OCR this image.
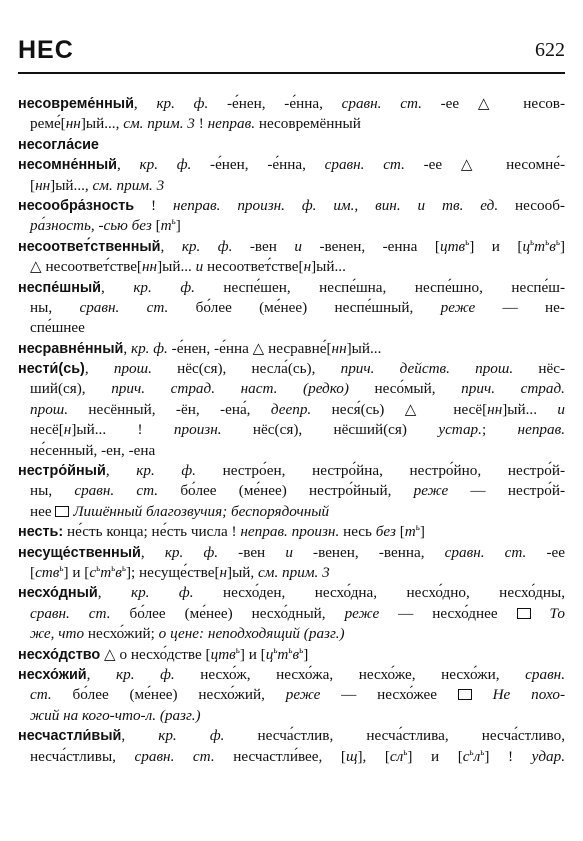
НЕС	622
несовреме́нный, кр. ф. -е́нен, -е́нна, сравн. ст. -ее △ несов-
реме́[нн]ый..., см. прим. 3 ! неправ. несовремённый
несогла́сие
несомне́нный, кр. ф. -е́нен, -е́нна, сравн. ст. -ее △ несомне́-
[нн]ый..., см. прим. 3
несообра́зность ! неправ. произн. ф. им., вин. и тв. ед. несооб-
ра́зность, -сью без $[т^ь]$
несоответ́ственный, кр. ф. -вен и -венен, -енна [цтв$^ь$] и $[ц^ьт^ьв^ь]$
△ несоответ́стве[нн]ый... и несоответ́стве[н]ый...
неспе́шный, кр. ф. неспе́шен, неспе́шна, неспе́шно, неспе́ш-
ны, сравн. ст. бо́лее (ме́нее) неспе́шный, реже — не-
спе́шнее
несравне́нный, кр. ф. -е́нен, -е́нна △ несравне́[нн]ый...
нести́(сь), прош. нёс(ся), несла́(сь), прич. действ. прош. нёс-
ший(ся), прич. страд. наст. (редко) несо́мый, прич. страд.
прош. несённый, -ён, -ена́, деепр. неся́(сь) △ несё[нн]ый... и
несё[н]ый... ! произн. нёс(ся), нёсший(ся) устар.; неправ.
не́сенный, -ен, -ена
нестро́йный, кр. ф. нестро́ен, нестро́йна, нестро́йно, нестро́й-
ны, сравн. ст. бо́лее (ме́нее) нестро́йный, реже — нестро́й-
нее  Лишённый благозвучия; беспорядочный
несть: не́сть конца; не́сть числа ! неправ. произн. несь без $[т^ь]$
несуще́ственный, кр. ф. -вен и -венен, -венна, сравн. ст. -ее
[ств$^ь$] и $[с^ьт^ьв^ь]$; несуще́стве[н]ый, см. прим. 3
несхо́дный, кр. ф. несхо́ден, несхо́дна, несхо́дно, несхо́дны,
сравн. ст. бо́лее (ме́нее) несхо́дный, реже — несхо́днее  То
же, что несхо́жий; о цене: неподходящий (разг.)
несхо́дство △ о несхо́дстве [цтв$^ь$] и $[ц^ьт^ьв^ь]$
несхо́жий, кр. ф. несхо́ж, несхо́жа, несхо́же, несхо́жи, сравн.
ст. бо́лее (ме́нее) несхо́жий, реже — несхо́жее  Не похо-
жий на кого-что-л. (разг.)
несчастли́вый, кр. ф. несча́стлив, несча́стлива, несча́стливо,
несча́стливы, сравн. ст. несчастли́вее, [щ], $[сл^ь]$ и $[с^ьл^ь]$ ! удар.
